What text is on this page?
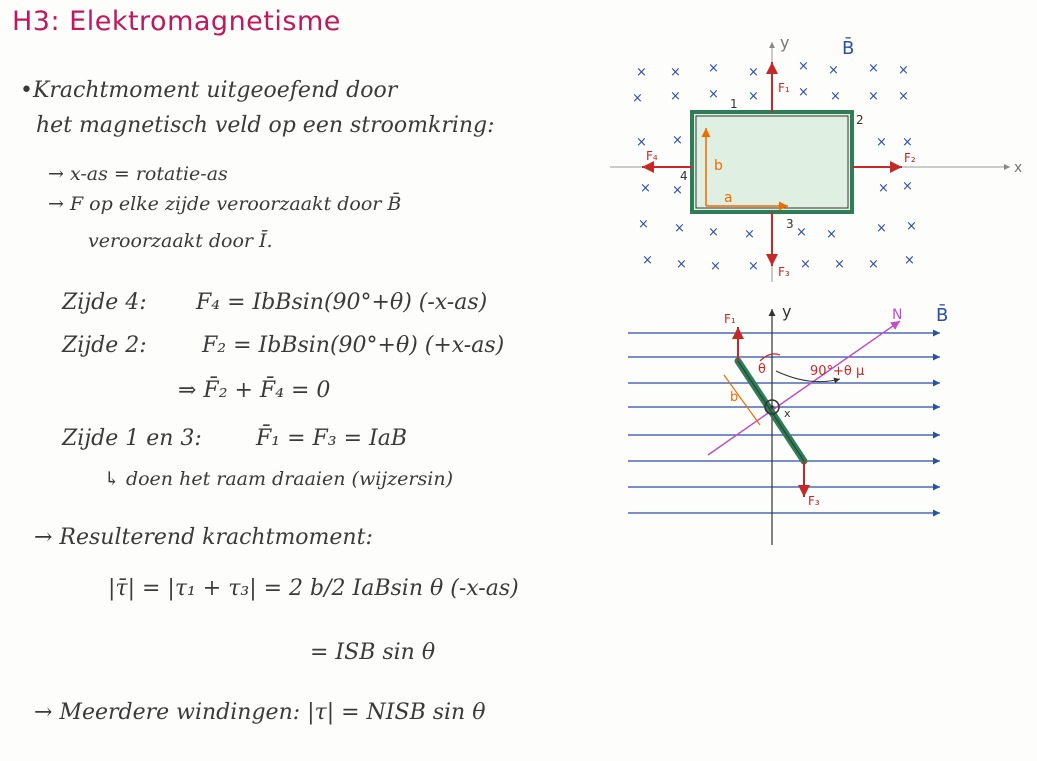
H3: Elektromagnetisme
•Krachtmoment uitgeoefend door
het magnetisch veld op een stroomkring:
→ x-as = rotatie-as
→ F op elke zijde veroorzaakt door B̄
veroorzaakt door Ī.
Zijde 4: F₄ = IbBsin(90°+θ) (-x-as)
Zijde 2:	F₂ = IbBsin(90°+θ) (+x-as)
⇒ F̄₂ + F̄₄ = 0
Zijde 1 en 3: F̄₁ = F₃ = IaB
↳ doen het raam draaien (wijzersin)
→ Resulterend krachtmoment:
|τ̄| = |τ₁ + τ₃| = 2 b/2 IaBsin θ (-x-as)
= ISB sin θ
→ Meerdere windingen: |τ| = NISB sin θ
y
x
B̄
× × × ×	× × × ×
× × × ×	× × × ×
× ×	× ×
× ×	× ×
× × × ×	× ×	× ×
× × × ×	× × × ×
1
2
3
4
b
a
F₁
F₂
F₃
F₄
B̄
y	N
b
x
θ	90°+θ μ
F₁
F₃
